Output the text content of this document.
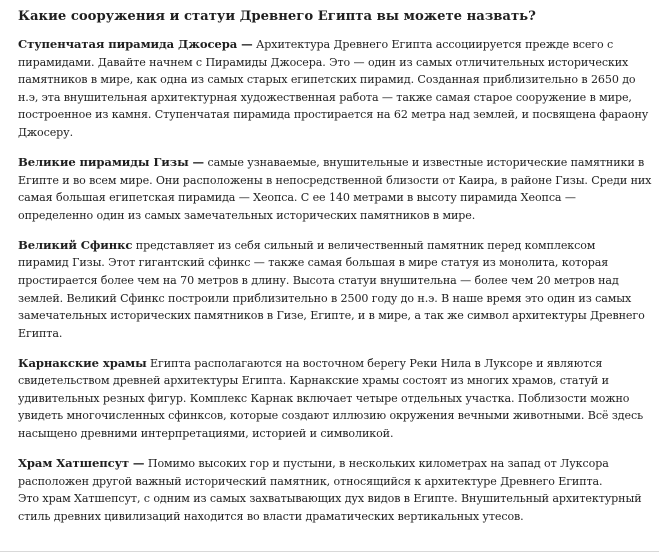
Какие сооружения и статуи Древнего Египта вы можете назвать?
Ступенчатая пирамида Джосера — Архитектура Древнего Египта ассоциируется прежде всего с
пирамидами. Давайте начнем с Пирамиды Джосера. Это — один из самых отличительных исторических
памятников в мире, как одна из самых старых египетских пирамид. Созданная приблизительно в 2650 до
н.э, эта внушительная архитектурная художественная работа — также самая старое сооружение в мире,
построенное из камня. Ступенчатая пирамида простирается на 62 метра над землей, и посвящена фараону
Джосеру.
Великие пирамиды Гизы — самые узнаваемые, внушительные и известные исторические памятники в
Египте и во всем мире. Они расположены в непосредственной близости от Каира, в районе Гизы. Среди них
самая большая египетская пирамида — Хеопса. С ее 140 метрами в высоту пирамида Хеопса —
определенно один из самых замечательных исторических памятников в мире.
Великий Сфинкс представляет из себя сильный и величественный памятник перед комплексом
пирамид Гизы. Этот гигантский сфинкс — также самая большая в мире статуя из монолита, которая
простирается более чем на 70 метров в длину. Высота статуи внушительна — более чем 20 метров над
землей. Великий Сфинкс построили приблизительно в 2500 году до н.э. В наше время это один из самых
замечательных исторических памятников в Гизе, Египте, и в мире, а так же символ архитектуры Древнего
Египта.
Карнакские храмы Египта располагаются на восточном берегу Реки Нила в Луксоре и являются
свидетельством древней архитектуры Египта. Карнакские храмы состоят из многих храмов, статуй и
удивительных резных фигур. Комплекс Карнак включает четыре отдельных участка. Поблизости можно
увидеть многочисленных сфинксов, которые создают иллюзию окружения вечными животными. Всё здесь
насыщено древними интерпретациями, историей и символикой.
Храм Хатшепсут — Помимо высоких гор и пустыни, в нескольких километрах на запад от Луксора
расположен другой важный исторический памятник, относящийся к архитектуре Древнего Египта.
Это храм Хатшепсут, с одним из самых захватывающих дух видов в Египте. Внушительный архитектурный
стиль древних цивилизаций находится во власти драматических вертикальных утесов.
